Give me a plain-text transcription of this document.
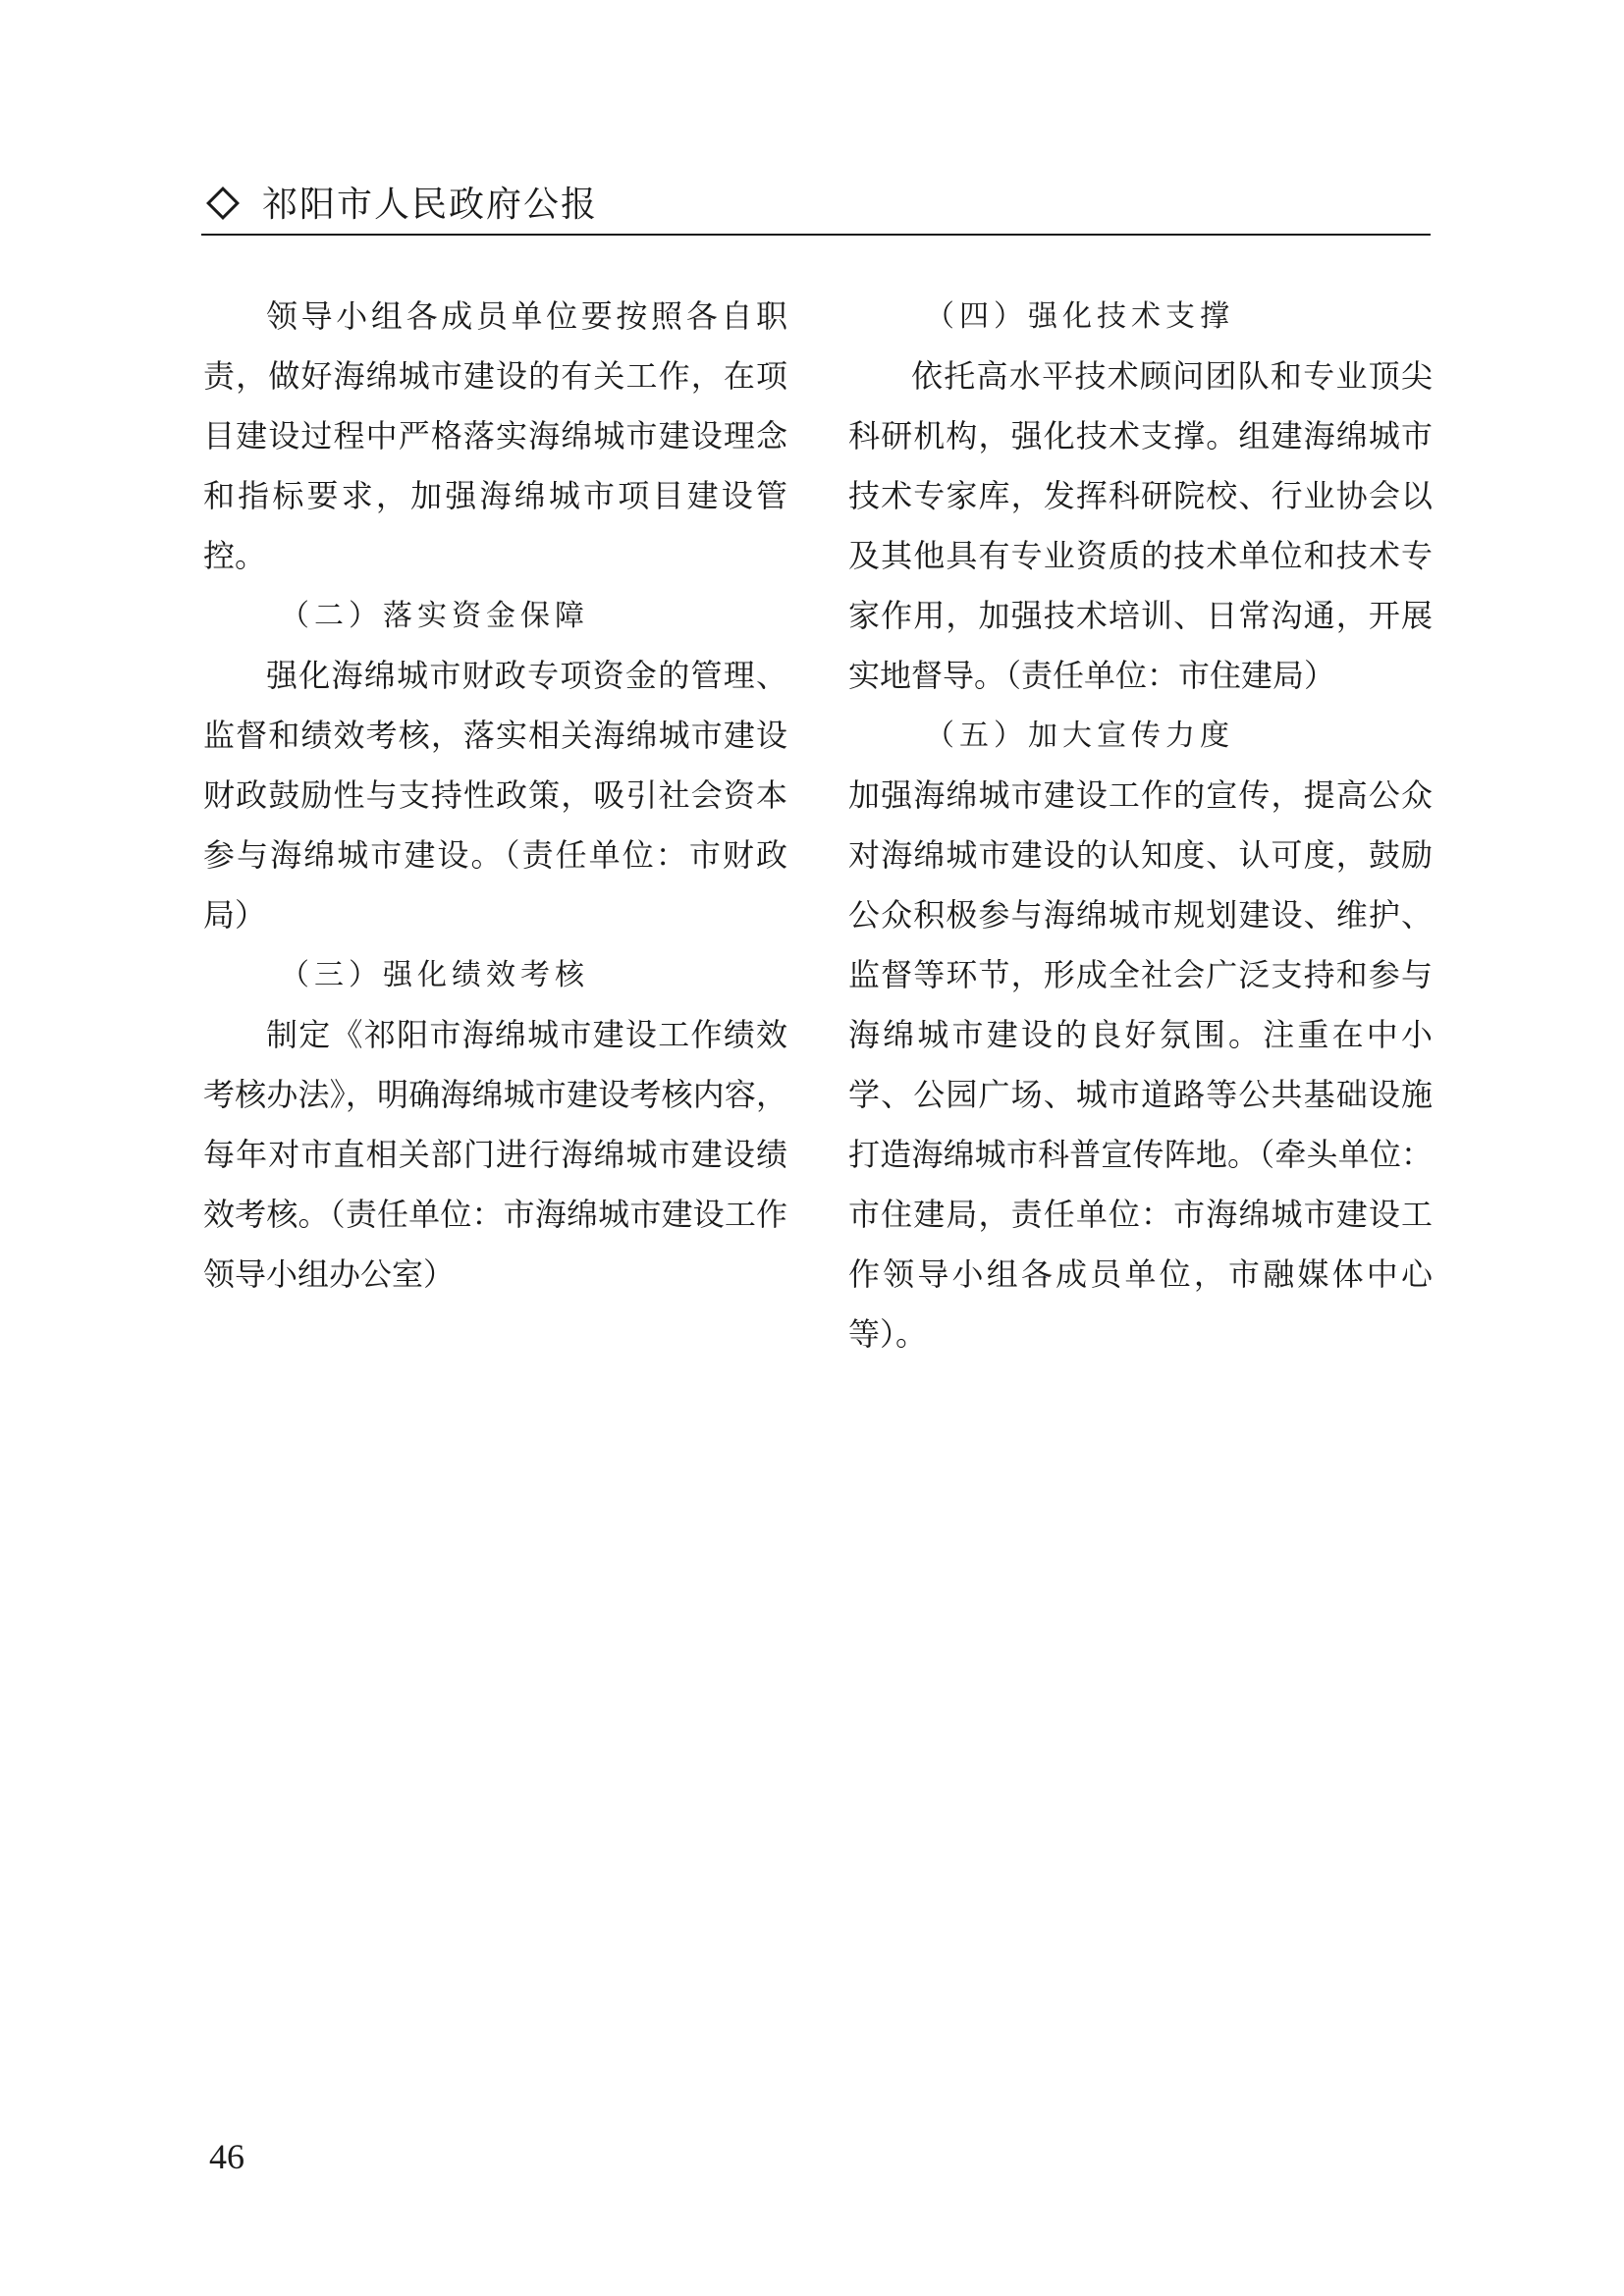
祁阳市人民政府公报

领导小组各成员单位要按照各自职责，做好海绵城市建设的有关工作，在项目建设过程中严格落实海绵城市建设理念和指标要求，加强海绵城市项目建设管控。

（二）落实资金保障

强化海绵城市财政专项资金的管理、监督和绩效考核，落实相关海绵城市建设财政鼓励性与支持性政策，吸引社会资本参与海绵城市建设。（责任单位：市财政局）

（三）强化绩效考核

制定《祁阳市海绵城市建设工作绩效考核办法》，明确海绵城市建设考核内容，每年对市直相关部门进行海绵城市建设绩效考核。（责任单位：市海绵城市建设工作领导小组办公室）

（四）强化技术支撑

依托高水平技术顾问团队和专业顶尖科研机构，强化技术支撑。组建海绵城市技术专家库，发挥科研院校、行业协会以及其他具有专业资质的技术单位和技术专家作用，加强技术培训、日常沟通，开展实地督导。（责任单位：市住建局）

（五）加大宣传力度

加强海绵城市建设工作的宣传，提高公众对海绵城市建设的认知度、认可度，鼓励公众积极参与海绵城市规划建设、维护、监督等环节，形成全社会广泛支持和参与海绵城市建设的良好氛围。注重在中小学、公园广场、城市道路等公共基础设施打造海绵城市科普宣传阵地。（牵头单位：市住建局，责任单位：市海绵城市建设工作领导小组各成员单位，市融媒体中心等）。

46
